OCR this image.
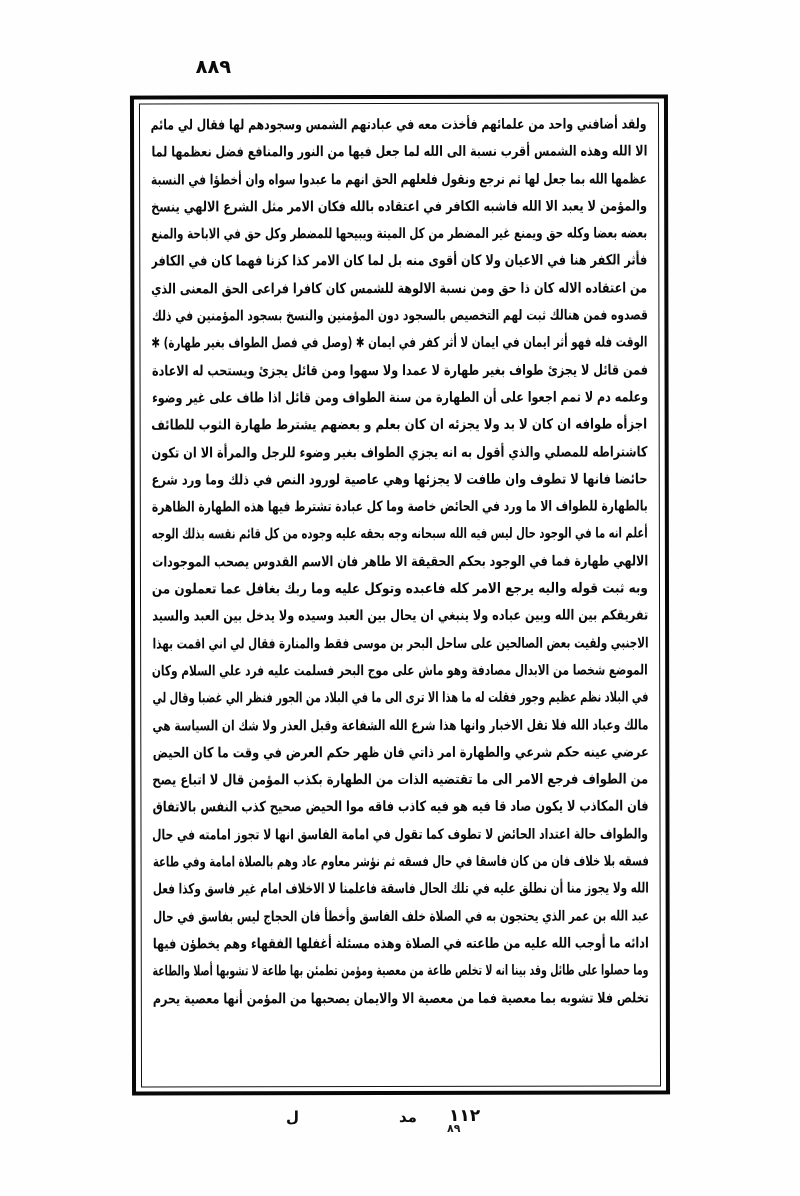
٨٨٩
ولقد أضافني واحد من علمائهم فأخذت معه في عبادتهم الشمس وسجودهم لها فقال لي مائم
الا الله وهذه الشمس أقرب نسبة الى الله لما جعل فيها من النور والمنافع فضل نعظمها لما
عظمها الله بما جعل لها ثم نرجع ونقول فلعلهم الحق انهم ما عبدوا سواه وان أخطؤا في النسبة
والمؤمن لا يعبد الا الله فاشبه الكافر في اعتقاده بالله فكان الامر مثل الشرع الالهي ينسخ
بعضه بعضا وكله حق ويمنع غير المضطر من كل الميتة ويبيحها للمضطر وكل حق في الاباحة والمنع
فأثر الكفر هنا في الاعيان ولا كان أقوى منه بل لما كان الامر كذا كزنا فهما كان في الكافر
من اعتقاده الاله كان ذا حق ومن نسبة الالوهة للشمس كان كافرا فراعى الحق المعنى الذي
قصدوه فمن هنالك ثبت لهم التخصيص بالسجود دون المؤمنين والنسخ بسجود المؤمنين في ذلك
الوقت فله فهو أثر ايمان في ايمان لا أثر كفر في ايمان ✱ (وصل في فصل الطواف بغير طهارة) ✱
فمن قائل لا يجزئ طواف بغير طهارة لا عمدا ولا سهوا ومن قائل يجزئ ويستحب له الاعادة
وعلمه دم لا تمم اجعوا على أن الطهارة من سنة الطواف ومن قائل اذا طاف على غير وضوء
اجزأه طوافه ان كان لا بد ولا يجزئه ان كان بعلم و بعضهم يشترط طهارة الثوب للطائف
كاشتراطه للمصلي والذي أقول به انه يجزي الطواف بغير وضوء للرجل والمرأة الا ان تكون
حائضا فانها لا تطوف وان طافت لا يجزئها وهي عاصية لورود النص في ذلك وما ورد شرع
بالطهارة للطواف الا ما ورد في الحائض خاصة وما كل عبادة تشترط فيها هذه الطهارة الظاهرة
أعلم انه ما في الوجود حال ليس فيه الله سبحانه وجه بحقه عليه وجوده من كل قائم نقسه بذلك الوجه
الالهي طهارة فما في الوجود بحكم الحقيقة الا طاهر فان الاسم القدوس يصحب الموجودات
وبه ثبت قوله واليه يرجع الامر كله فاعبده وتوكل عليه وما ربك بغافل عما تعملون من
تفريقكم بين الله وبين عباده ولا ينبغي ان يحال بين العبد وسيده ولا يدخل بين العبد والسيد
الاجنبي ولقيت بعض الصالحين على ساحل البحر بن موسى فقط والمنارة فقال لي اني اقمت بهذا
الموضع شخصا من الابدال مصادفة وهو ماش على موج البحر فسلمت عليه فرد علي السلام وكان
في البلاد نظم عظيم وجور فقلت له ما هذا الا ترى الى ما في البلاد من الجور فنظر الي غضبا وقال لي
مالك وعباد الله فلا تقل الاخبار وانها هذا شرع الله الشفاعة وقبل العذر ولا شك ان السياسة هي
عرضي عينه حكم شرعي والطهارة امر ذاتي فان ظهر حكم العرض في وقت ما كان الحيض
من الطواف فرجع الامر الى ما تقتضيه الذات من الطهارة بكذب المؤمن قال لا اتباع يصح
فان المكاذب لا يكون صاد قا فيه هو فيه كاذب فاقه موا الحيض صحيح كذب النفس بالاتفاق
والطواف حالة اعتداد الحائض لا تطوف كما تقول في امامة الفاسق انها لا تجوز امامته في حال
فسقه بلا خلاف فان من كان فاسقا في حال فسقه ثم نؤشر معاوم عاد وهم بالصلاة امامة وفي طاعة
الله ولا يجوز منا أن نطلق عليه في تلك الحال فاسقة فاعلمنا لا الاخلاف امام غير فاسق وكذا فعل
عبد الله بن عمر الذي يحتجون به في الصلاة خلف الفاسق وأخطأ فان الحجاج ليس بفاسق في حال
ادائه ما أوجب الله عليه من طاعته في الصلاة وهذه مسئلة أغفلها الفقهاء وهم يخطؤن فيها
وما حصلوا على طائل وقد بينا انه لا تخلص طاعة من معصية ومؤمن تطمئن بها طاعة لا تشوبها أصلا والطاعة
تخلص فلا تشوبه بما معصية فما من معصية الا والايمان يصحبها من المؤمن أنها معصية يحرم
ل	م‍د ١١٢
٨٩
